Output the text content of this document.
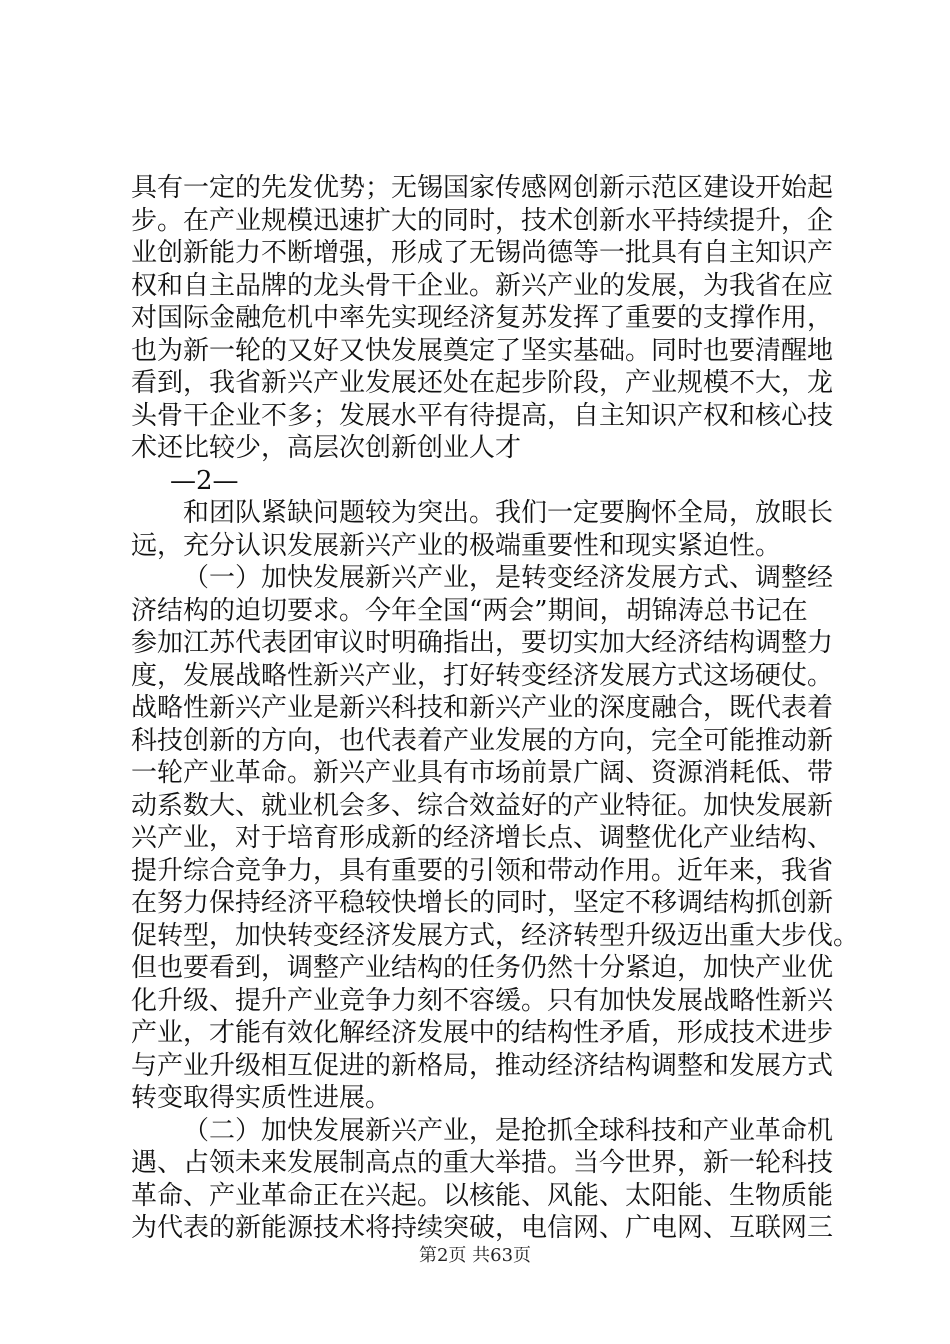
具有一定的先发优势；无锡国家传感网创新示范区建设开始起
步。在产业规模迅速扩大的同时，技术创新水平持续提升，企
业创新能力不断增强，形成了无锡尚德等一批具有自主知识产
权和自主品牌的龙头骨干企业。新兴产业的发展，为我省在应
对国际金融危机中率先实现经济复苏发挥了重要的支撑作用，
也为新一轮的又好又快发展奠定了坚实基础。同时也要清醒地
看到，我省新兴产业发展还处在起步阶段，产业规模不大，龙
头骨干企业不多；发展水平有待提高，自主知识产权和核心技
术还比较少，高层次创新创业人才
—2—
和团队紧缺问题较为突出。我们一定要胸怀全局，放眼长
远，充分认识发展新兴产业的极端重要性和现实紧迫性。
（一）加快发展新兴产业，是转变经济发展方式、调整经
济结构的迫切要求。今年全国“两会”期间，胡锦涛总书记在
参加江苏代表团审议时明确指出，要切实加大经济结构调整力
度，发展战略性新兴产业，打好转变经济发展方式这场硬仗。
战略性新兴产业是新兴科技和新兴产业的深度融合，既代表着
科技创新的方向，也代表着产业发展的方向，完全可能推动新
一轮产业革命。新兴产业具有市场前景广阔、资源消耗低、带
动系数大、就业机会多、综合效益好的产业特征。加快发展新
兴产业，对于培育形成新的经济增长点、调整优化产业结构、
提升综合竞争力，具有重要的引领和带动作用。近年来，我省
在努力保持经济平稳较快增长的同时，坚定不移调结构抓创新
促转型，加快转变经济发展方式，经济转型升级迈出重大步伐。
但也要看到，调整产业结构的任务仍然十分紧迫，加快产业优
化升级、提升产业竞争力刻不容缓。只有加快发展战略性新兴
产业，才能有效化解经济发展中的结构性矛盾，形成技术进步
与产业升级相互促进的新格局，推动经济结构调整和发展方式
转变取得实质性进展。
（二）加快发展新兴产业，是抢抓全球科技和产业革命机
遇、占领未来发展制高点的重大举措。当今世界，新一轮科技
革命、产业革命正在兴起。以核能、风能、太阳能、生物质能
为代表的新能源技术将持续突破，电信网、广电网、互联网三
第2页 共63页
